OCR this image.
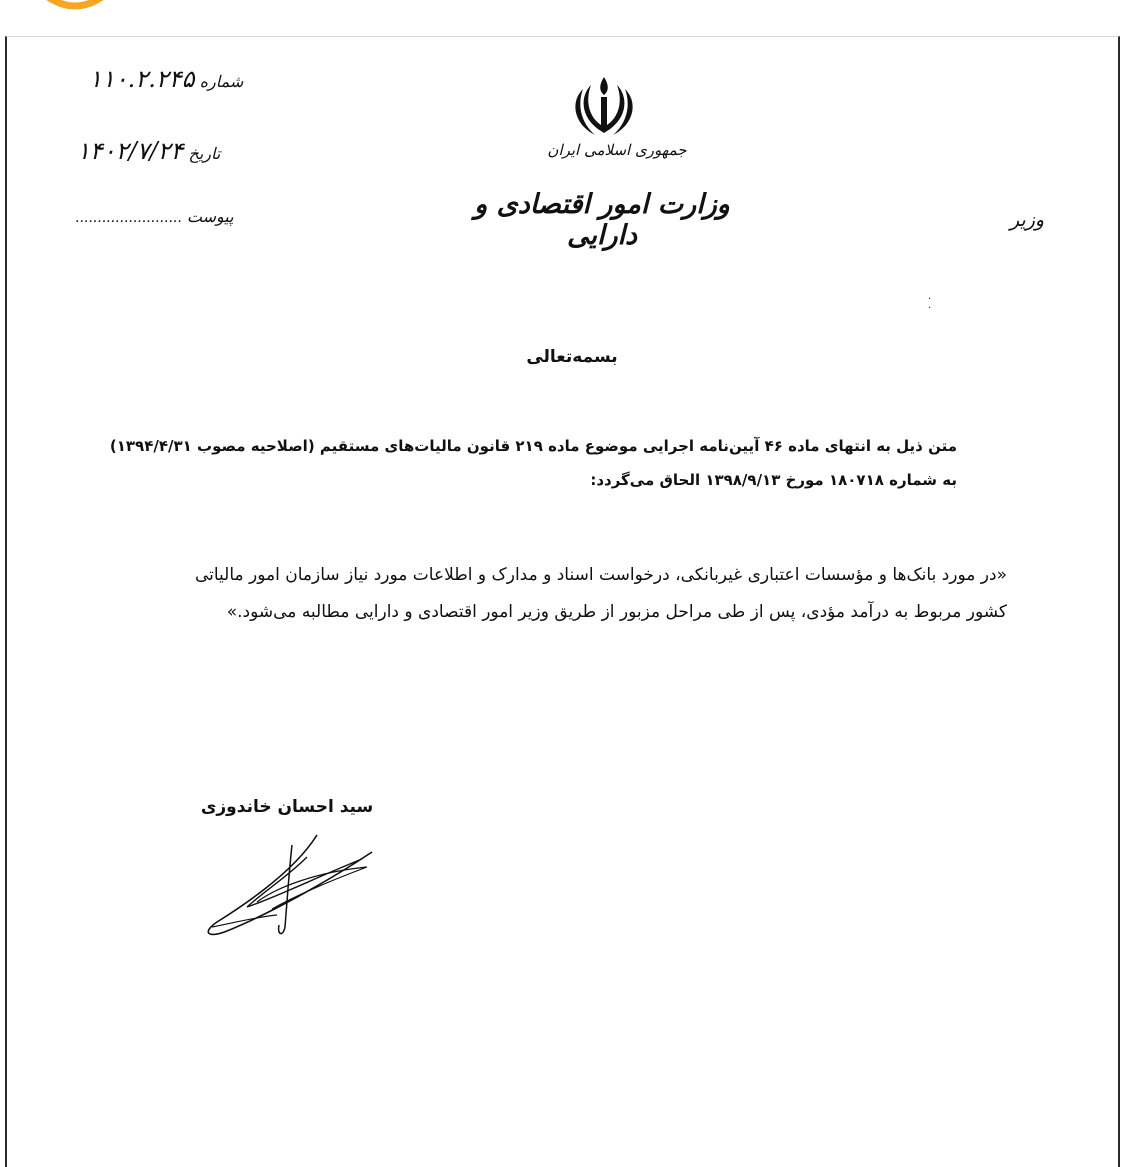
جمهوری اسلامی ایران
وزارت امور اقتصادی و دارایی	وزیر
۱۱۰.۲.۲۴۵ شماره
۱۴۰۲/۷/۲۴ تاریخ
........................ پیوست
·
·
بسمه‌تعالی

متن ذیل به انتهای ماده ۴۶ آیین‌نامه اجرایی موضوع ماده ۲۱۹ قانون مالیات‌های مستقیم (اصلاحیه مصوب ۱۳۹۴/۴/۳۱)

به شماره ۱۸۰۷۱۸ مورخ ۱۳۹۸/۹/۱۳ الحاق می‌گردد:

«در مورد بانک‌ها و مؤسسات اعتباری غیربانکی، درخواست اسناد و مدارک و اطلاعات مورد نیاز سازمان امور مالیاتی

کشور مربوط به درآمد مؤدی، پس از طی مراحل مزبور از طریق وزیر امور اقتصادی و دارایی مطالبه می‌شود.»

سید احسان خاندوزی
